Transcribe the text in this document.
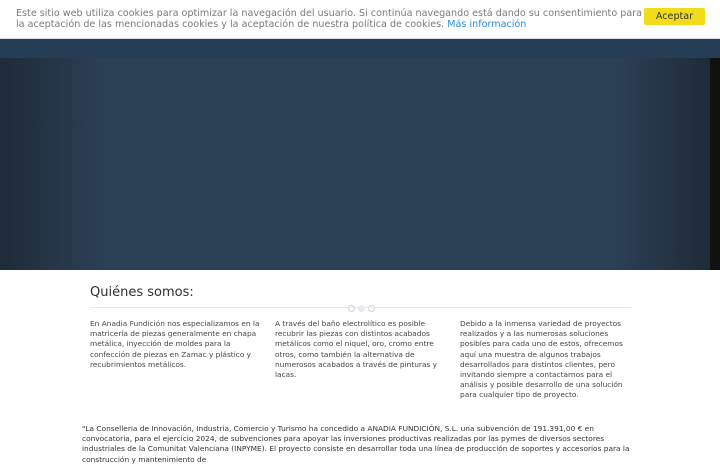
Este sitio web utiliza cookies para optimizar la navegación del usuario. Si continúa navegando está dando su consentimiento para la aceptación de las mencionadas cookies y la aceptación de nuestra política de cookies. Más información

Aceptar
Quiénes somos:

En Anadia Fundición nos especializamos en la matricería de piezas generalmente en chapa metálica, inyección de moldes para la confección de piezas en Zamac y plástico y recubrimientos metálicos.

A través del baño electrolítico es posible recubrir las piezas con distintos acabados metálicos como el niquel, oro, cromo entre otros, como también la alternativa de numerosos acabados a través de pinturas y lacas.

Debido a la inmensa variedad de proyectos realizados y a las numerosas soluciones posibles para cada uno de estos, ofrecemos aquí una muestra de algunos trabajos desarrollados para distintos clientes, pero invitando siempre a contactarnos para el análisis y posible desarrollo de una solución para cualquier tipo de proyecto.

"La Conselleria de Innovación, Industria, Comercio y Turismo ha concedido a ANADIA FUNDICIÓN, S.L. una subvención de 191.391,00 € en convocatoria, para el ejercicio 2024, de subvenciones para apoyar las inversiones productivas realizadas por las pymes de diversos sectores industriales de la Comunitat Valenciana (INPYME). El proyecto consiste en desarrollar toda una línea de producción de soportes y accesorios para la construcción y mantenimiento de
